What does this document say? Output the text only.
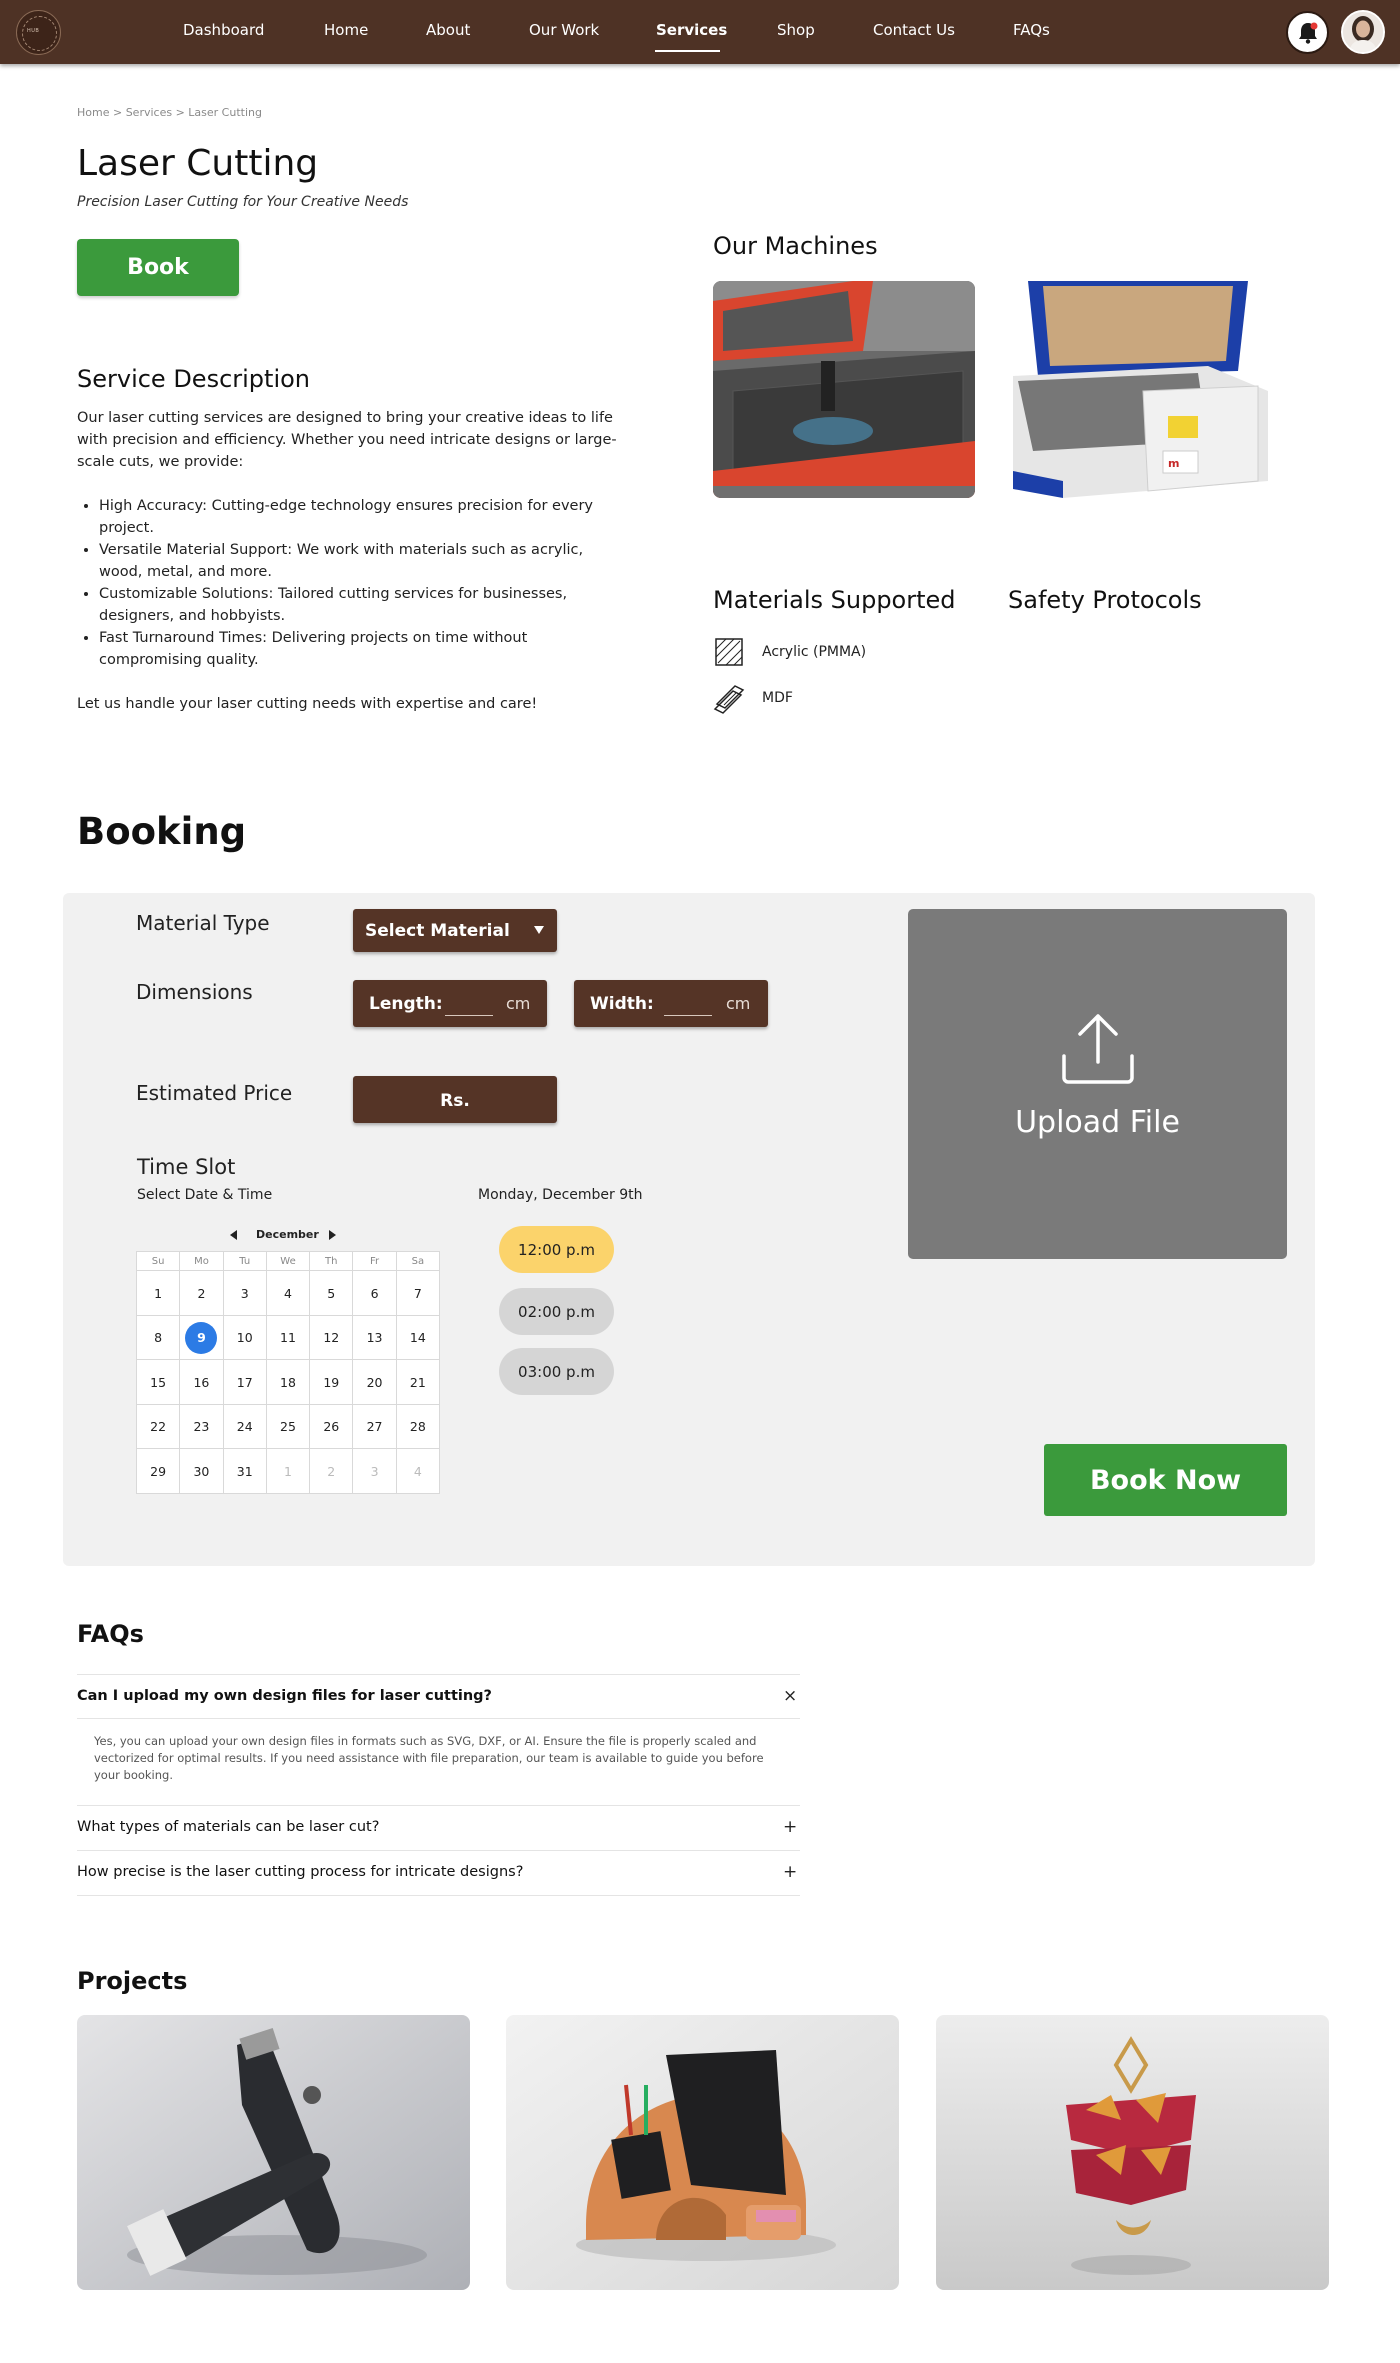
HUB	Dashboard	Home	About	Our Work	Services	Shop	Contact Us	FAQs
Home > Services > Laser Cutting
Laser Cutting
Precision Laser Cutting for Your Creative Needs
Book
Service Description

Our laser cutting services are designed to bring your creative ideas to life with precision and efficiency. Whether you need intricate designs or large-scale cuts, we provide:

• High Accuracy: Cutting-edge technology ensures precision for every project.
• Versatile Material Support: We work with materials such as acrylic, wood, metal, and more.
• Customizable Solutions: Tailored cutting services for businesses, designers, and hobbyists.
• Fast Turnaround Times: Delivering projects on time without compromising quality.

Let us handle your laser cutting needs with expertise and care!

Our Machines
m
Materials Supported Safety Protocols
Acrylic (PMMA)
MDF
Booking
Material Type	Select Material
Dimensions	Length:	cm	Width:	cm
Estimated Price	Rs.
Upload File
Time Slot
Select Date & Time	Monday, December 9th
December
Su	Mo	Tu	We	Th	Fr	Sa
1	2	3	4	5	6	7
8	9	10	11	12	13	14
15	16	17	18	19	20	21
22	23	24	25	26	27	28
29	30	31	1	2	3	4
12:00 p.m
02:00 p.m
03:00 p.m
Book Now
FAQs
Can I upload my own design files for laser cutting?	×
Yes, you can upload your own design files in formats such as SVG, DXF, or AI. Ensure the file is properly scaled and vectorized for optimal results. If you need assistance with file preparation, our team is available to guide you before your booking.
What types of materials can be laser cut?	+
How precise is the laser cutting process for intricate designs?	+
Projects
